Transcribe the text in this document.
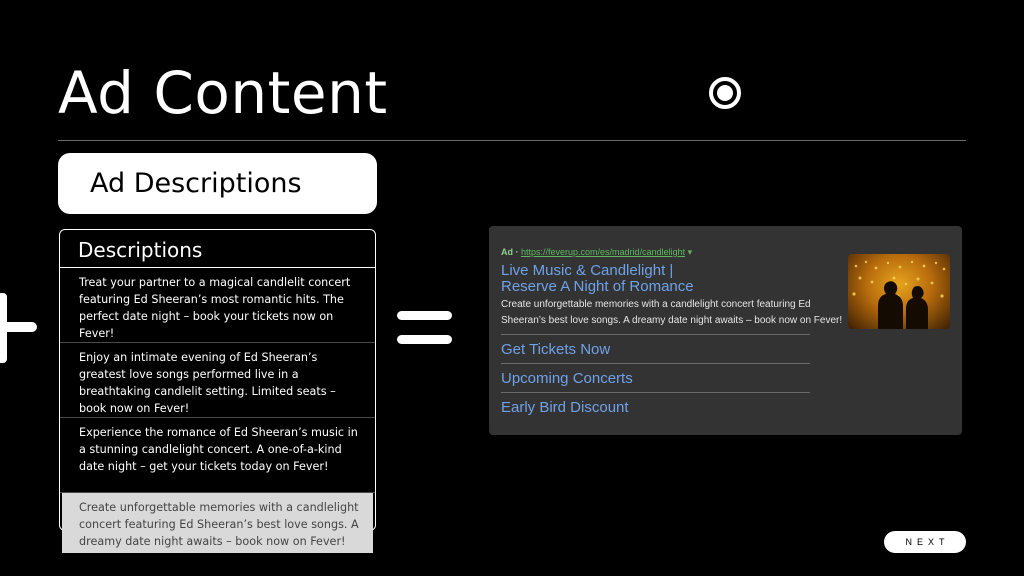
Ad Content
Ad Descriptions
Descriptions
Treat your partner to a magical candlelit concert featuring Ed Sheeran’s most romantic hits. The perfect date night – book your tickets now on Fever!
Enjoy an intimate evening of Ed Sheeran’s greatest love songs performed live in a breathtaking candlelit setting. Limited seats – book now on Fever!
Experience the romance of Ed Sheeran’s music in a stunning candlelight concert. A one-of-a-kind date night – get your tickets today on Fever!
Create unforgettable memories with a candlelight concert featuring Ed Sheeran’s best love songs. A dreamy date night awaits – book now on Fever!
Ad · https://feverup.com/es/madrid/candlelight ▾
Live Music & Candlelight |
Reserve A Night of Romance
Create unforgettable memories with a candlelight concert featuring Ed Sheeran’s best love songs. A dreamy date night awaits – book now on Fever!
Get Tickets Now
Upcoming Concerts
Early Bird Discount
NEXT
